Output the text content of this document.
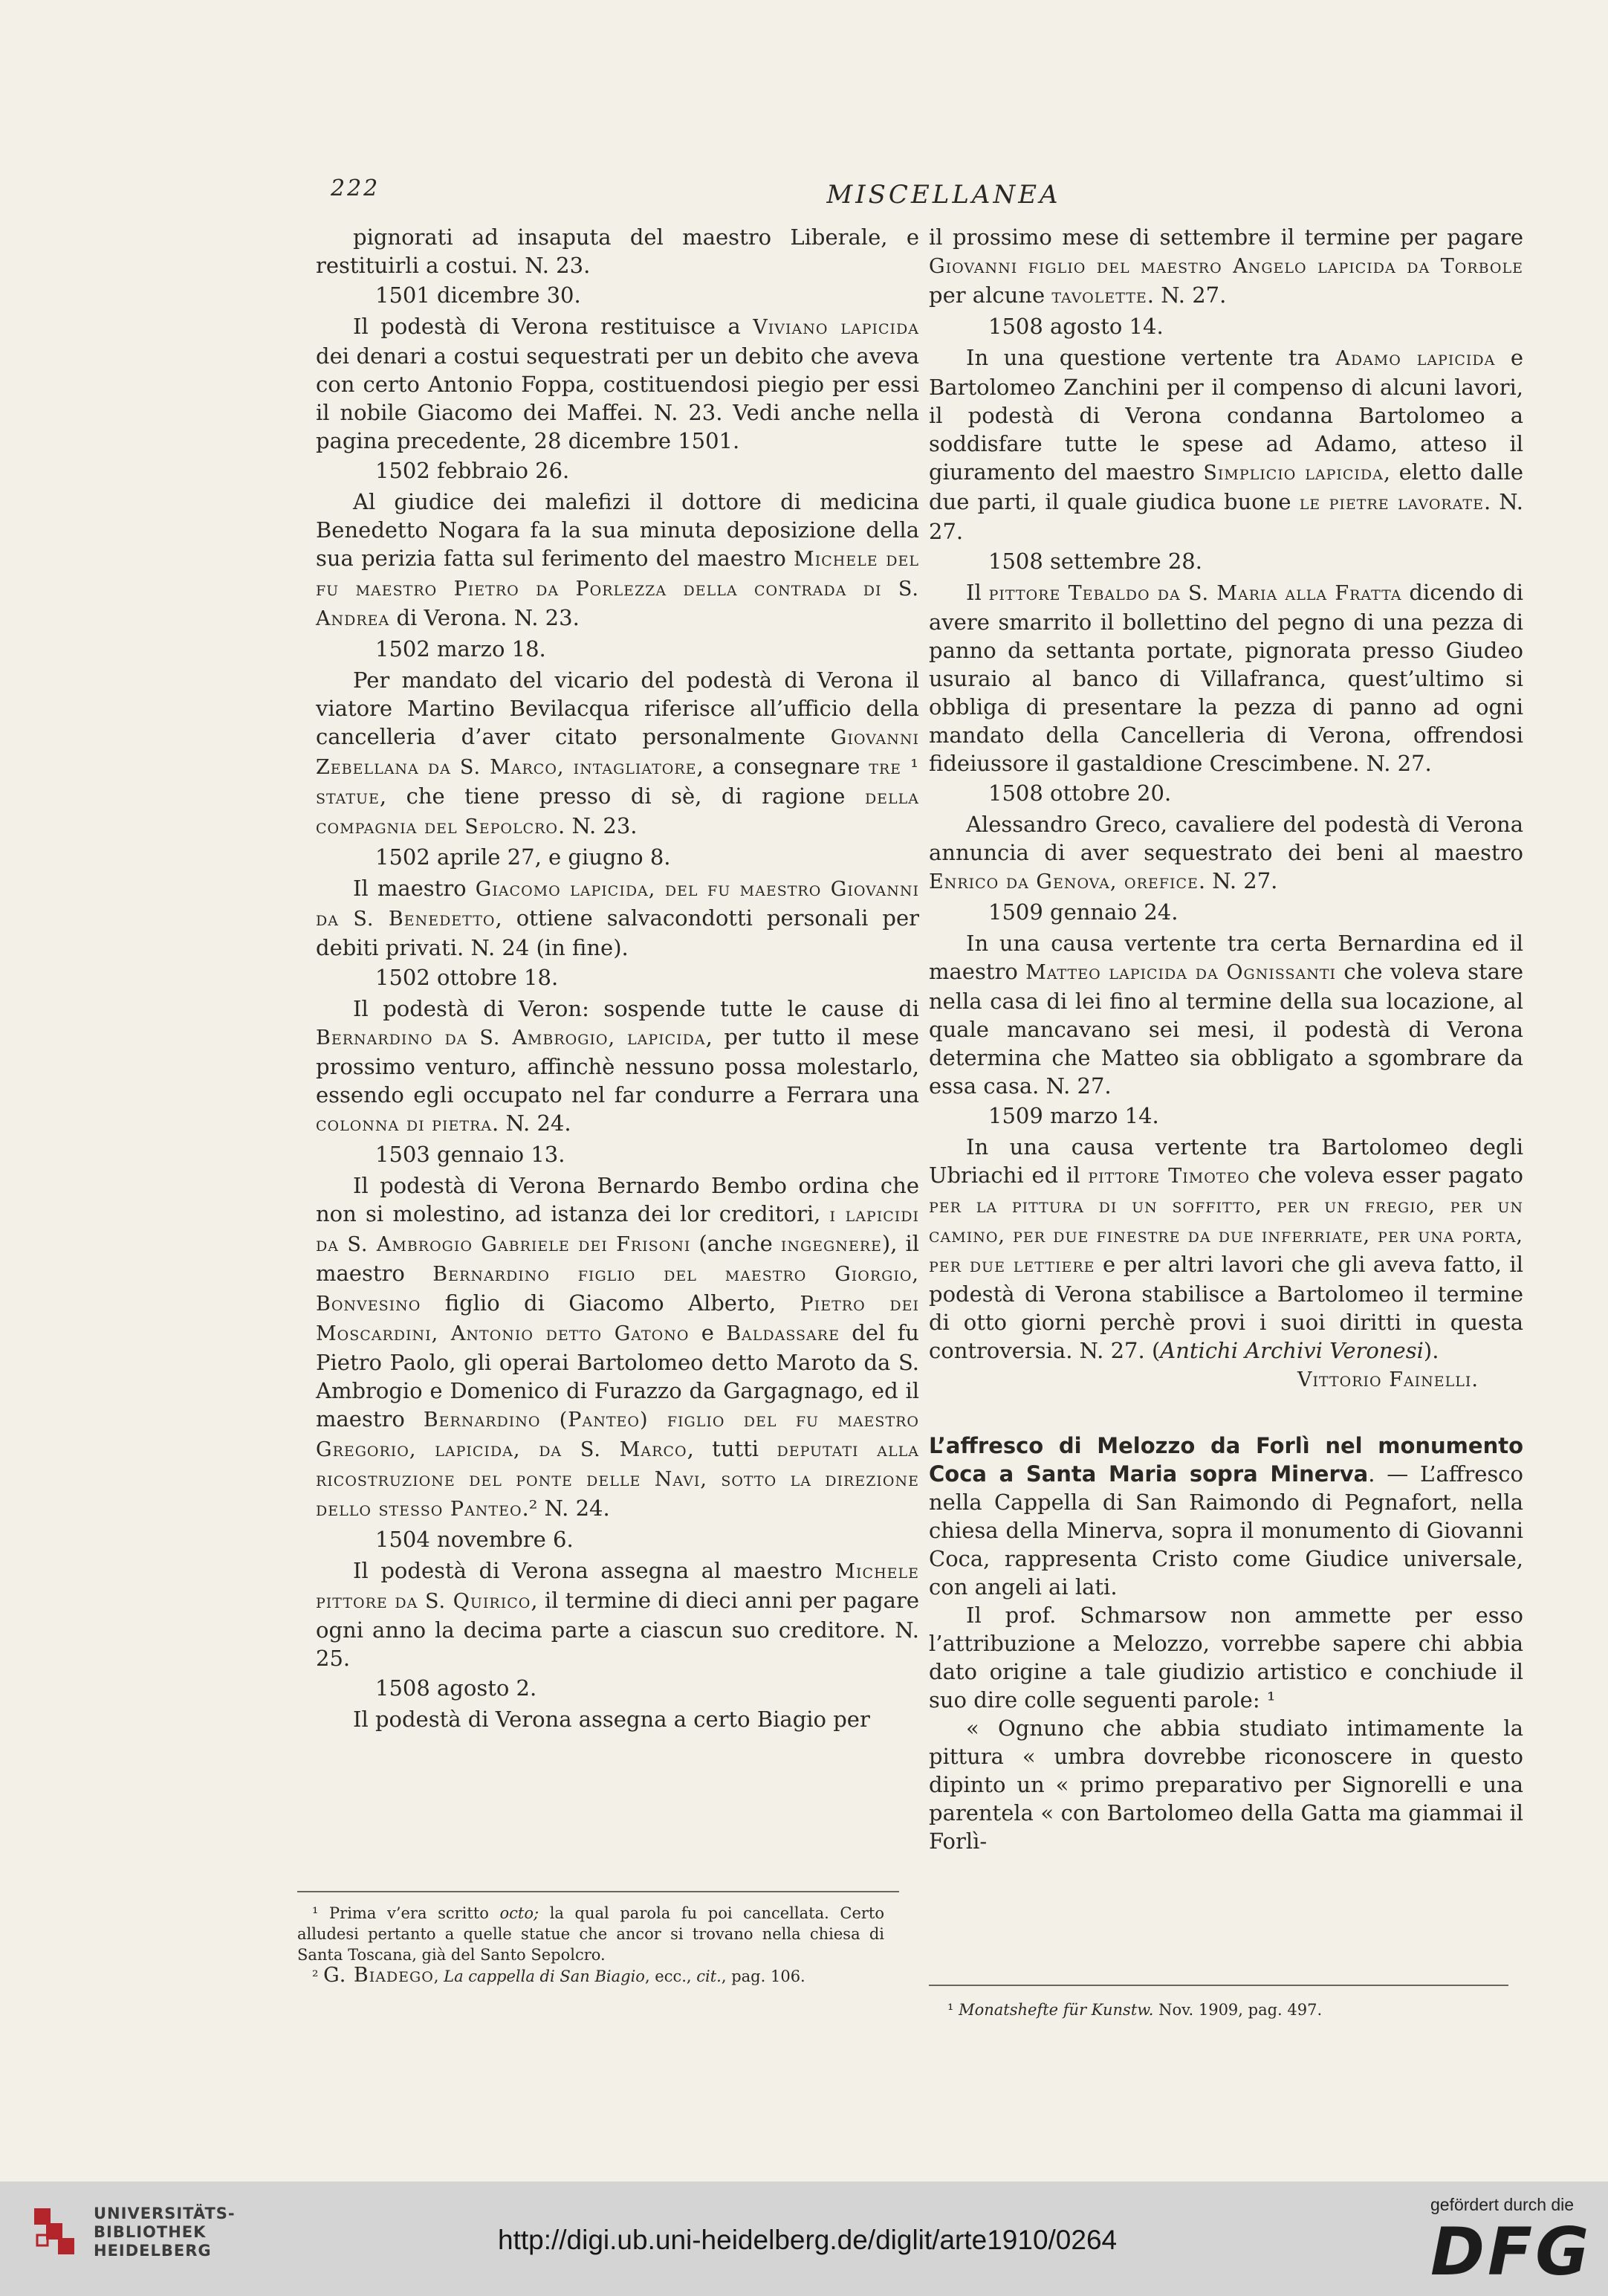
222	MISCELLANEA

pignorati ad insaputa del maestro Liberale, e restituirli a costui. N. 23.

1501 dicembre 30.

Il podestà di Verona restituisce a Viviano lapicida dei denari a costui sequestrati per un debito che aveva con certo Antonio Foppa, costituendosi piegio per essi il nobile Giacomo dei Maffei. N. 23. Vedi anche nella pagina precedente, 28 dicembre 1501.

1502 febbraio 26.

Al giudice dei malefizi il dottore di medicina Benedetto Nogara fa la sua minuta deposizione della sua perizia fatta sul ferimento del maestro Michele del fu maestro Pietro da Porlezza della contrada di S. Andrea di Verona. N. 23.

1502 marzo 18.

Per mandato del vicario del podestà di Verona il viatore Martino Bevilacqua riferisce all’ufficio della cancelleria d’aver citato personalmente Giovanni Zebellana da S. Marco, intagliatore, a consegnare tre ¹ statue, che tiene presso di sè, di ragione della compagnia del Sepolcro. N. 23.

1502 aprile 27, e giugno 8.

Il maestro Giacomo lapicida, del fu maestro Giovanni da S. Benedetto, ottiene salvacondotti personali per debiti privati. N. 24 (in fine).

1502 ottobre 18.

Il podestà di Veron: sospende tutte le cause di Bernardino da S. Ambrogio, lapicida, per tutto il mese prossimo venturo, affinchè nessuno possa molestarlo, essendo egli occupato nel far condurre a Ferrara una colonna di pietra. N. 24.

1503 gennaio 13.

Il podestà di Verona Bernardo Bembo ordina che non si molestino, ad istanza dei lor creditori, i lapicidi da S. Ambrogio Gabriele dei Frisoni (anche ingegnere), il maestro Bernardino figlio del maestro Giorgio, Bonvesino figlio di Giacomo Alberto, Pietro dei Moscardini, Antonio detto Gatono e Baldassare del fu Pietro Paolo, gli operai Bartolomeo detto Maroto da S. Ambrogio e Domenico di Furazzo da Gargagnago, ed il maestro Bernardino (Panteo) figlio del fu maestro Gregorio, lapicida, da S. Marco, tutti deputati alla ricostruzione del ponte delle Navi, sotto la direzione dello stesso Panteo.² N. 24.

1504 novembre 6.

Il podestà di Verona assegna al maestro Michele pittore da S. Quirico, il termine di dieci anni per pagare ogni anno la decima parte a ciascun suo creditore. N. 25.

1508 agosto 2.

Il podestà di Verona assegna a certo Biagio per

il prossimo mese di settembre il termine per pagare Giovanni figlio del maestro Angelo lapicida da Torbole per alcune tavolette. N. 27.

1508 agosto 14.

In una questione vertente tra Adamo lapicida e Bartolomeo Zanchini per il compenso di alcuni lavori, il podestà di Verona condanna Bartolomeo a soddisfare tutte le spese ad Adamo, atteso il giuramento del maestro Simplicio lapicida, eletto dalle due parti, il quale giudica buone le pietre lavorate. N. 27.

1508 settembre 28.

Il pittore Tebaldo da S. Maria alla Fratta dicendo di avere smarrito il bollettino del pegno di una pezza di panno da settanta portate, pignorata presso Giudeo usuraio al banco di Villafranca, quest’ultimo si obbliga di presentare la pezza di panno ad ogni mandato della Cancelleria di Verona, offrendosi fideiussore il gastaldione Crescimbene. N. 27.

1508 ottobre 20.

Alessandro Greco, cavaliere del podestà di Verona annuncia di aver sequestrato dei beni al maestro Enrico da Genova, orefice. N. 27.

1509 gennaio 24.

In una causa vertente tra certa Bernardina ed il maestro Matteo lapicida da Ognissanti che voleva stare nella casa di lei fino al termine della sua locazione, al quale mancavano sei mesi, il podestà di Verona determina che Matteo sia obbligato a sgombrare da essa casa. N. 27.

1509 marzo 14.

In una causa vertente tra Bartolomeo degli Ubriachi ed il pittore Timoteo che voleva esser pagato per la pittura di un soffitto, per un fregio, per un camino, per due finestre da due inferriate, per una porta, per due lettiere e per altri lavori che gli aveva fatto, il podestà di Verona stabilisce a Bartolomeo il termine di otto giorni perchè provi i suoi diritti in questa controversia. N. 27. (Antichi Archivi Veronesi).

Vittorio Fainelli.

L’affresco di Melozzo da Forlì nel monumento Coca a Santa Maria sopra Minerva. — L’affresco nella Cappella di San Raimondo di Pegnafort, nella chiesa della Minerva, sopra il monumento di Giovanni Coca, rappresenta Cristo come Giudice universale, con angeli ai lati.

Il prof. Schmarsow non ammette per esso l’attribuzione a Melozzo, vorrebbe sapere chi abbia dato origine a tale giudizio artistico e conchiude il suo dire colle seguenti parole: ¹

« Ognuno che abbia studiato intimamente la pittura « umbra dovrebbe riconoscere in questo dipinto un « primo preparativo per Signorelli e una parentela « con Bartolomeo della Gatta ma giammai il Forlì-

¹ Prima v’era scritto octo; la qual parola fu poi cancellata. Certo alludesi pertanto a quelle statue che ancor si trovano nella chiesa di Santa Toscana, già del Santo Sepolcro.

² G. Biadego, La cappella di San Biagio, ecc., cit., pag. 106.

¹ Monatshefte für Kunstw. Nov. 1909, pag. 497.

UNIVERSITÄTS-
BIBLIOTHEK
HEIDELBERG	http://digi.ub.uni-heidelberg.de/diglit/arte1910/0264
gefördert durch die
DFG
